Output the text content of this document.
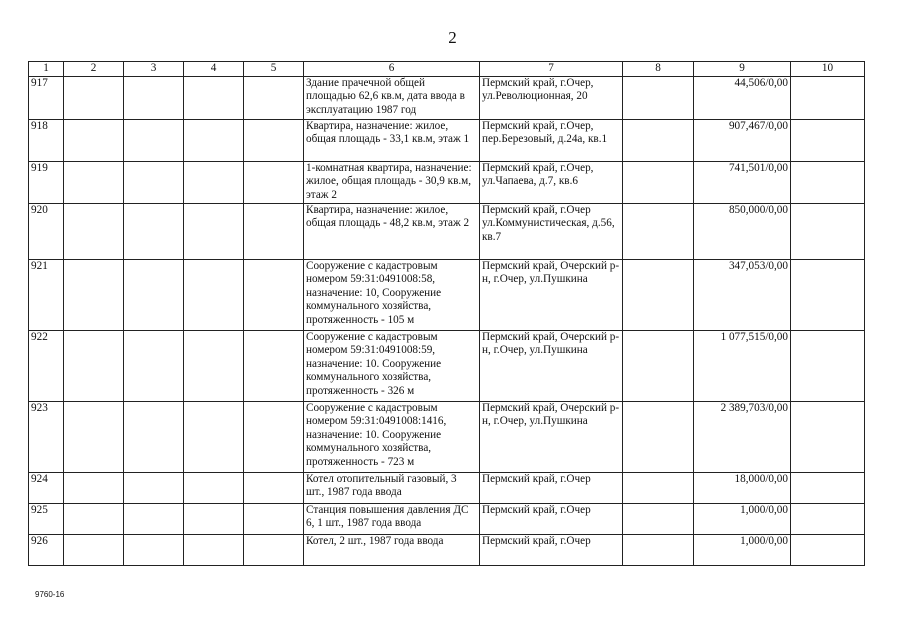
2
1	2	3	4	5	6	7	8	9	10
917					Здание прачечной общей площадью 62,6 кв.м, дата ввода в эксплуатацию 1987 год	Пермский край, г.Очер, ул.Революционная, 20		44,506/0,00	
918					Квартира, назначение: жилое, общая площадь - 33,1 кв.м, этаж 1	Пермский край, г.Очер, пер.Березовый, д.24а, кв.1		907,467/0,00	
919					1-комнатная квартира, назначение: жилое, общая площадь - 30,9 кв.м, этаж 2	Пермский край, г.Очер, ул.Чапаева, д.7, кв.6		741,501/0,00	
920					Квартира, назначение: жилое, общая площадь - 48,2 кв.м, этаж 2	Пермский край, г.Очер ул.Коммунистическая, д.56, кв.7		850,000/0,00	
921					Сооружение с кадастровым номером 59:31:0491008:58, назначение: 10, Сооружение коммунального хозяйства, протяженность - 105 м	Пермский край, Очерский р-н, г.Очер, ул.Пушкина		347,053/0,00	
922					Сооружение с кадастровым номером 59:31:0491008:59, назначение: 10. Сооружение коммунального хозяйства, протяженность - 326 м	Пермский край, Очерский р-н, г.Очер, ул.Пушкина		1 077,515/0,00	
923					Сооружение с кадастровым номером 59:31:0491008:1416, назначение: 10. Сооружение коммунального хозяйства, протяженность - 723 м	Пермский край, Очерский р-н, г.Очер, ул.Пушкина		2 389,703/0,00	
924					Котел отопительный газовый, 3 шт., 1987 года ввода	Пермский край, г.Очер		18,000/0,00	
925					Станция повышения давления ДС 6, 1 шт., 1987 года ввода	Пермский край, г.Очер		1,000/0,00	
926					Котел, 2 шт., 1987 года ввода	Пермский край, г.Очер		1,000/0,00	
9760-16
